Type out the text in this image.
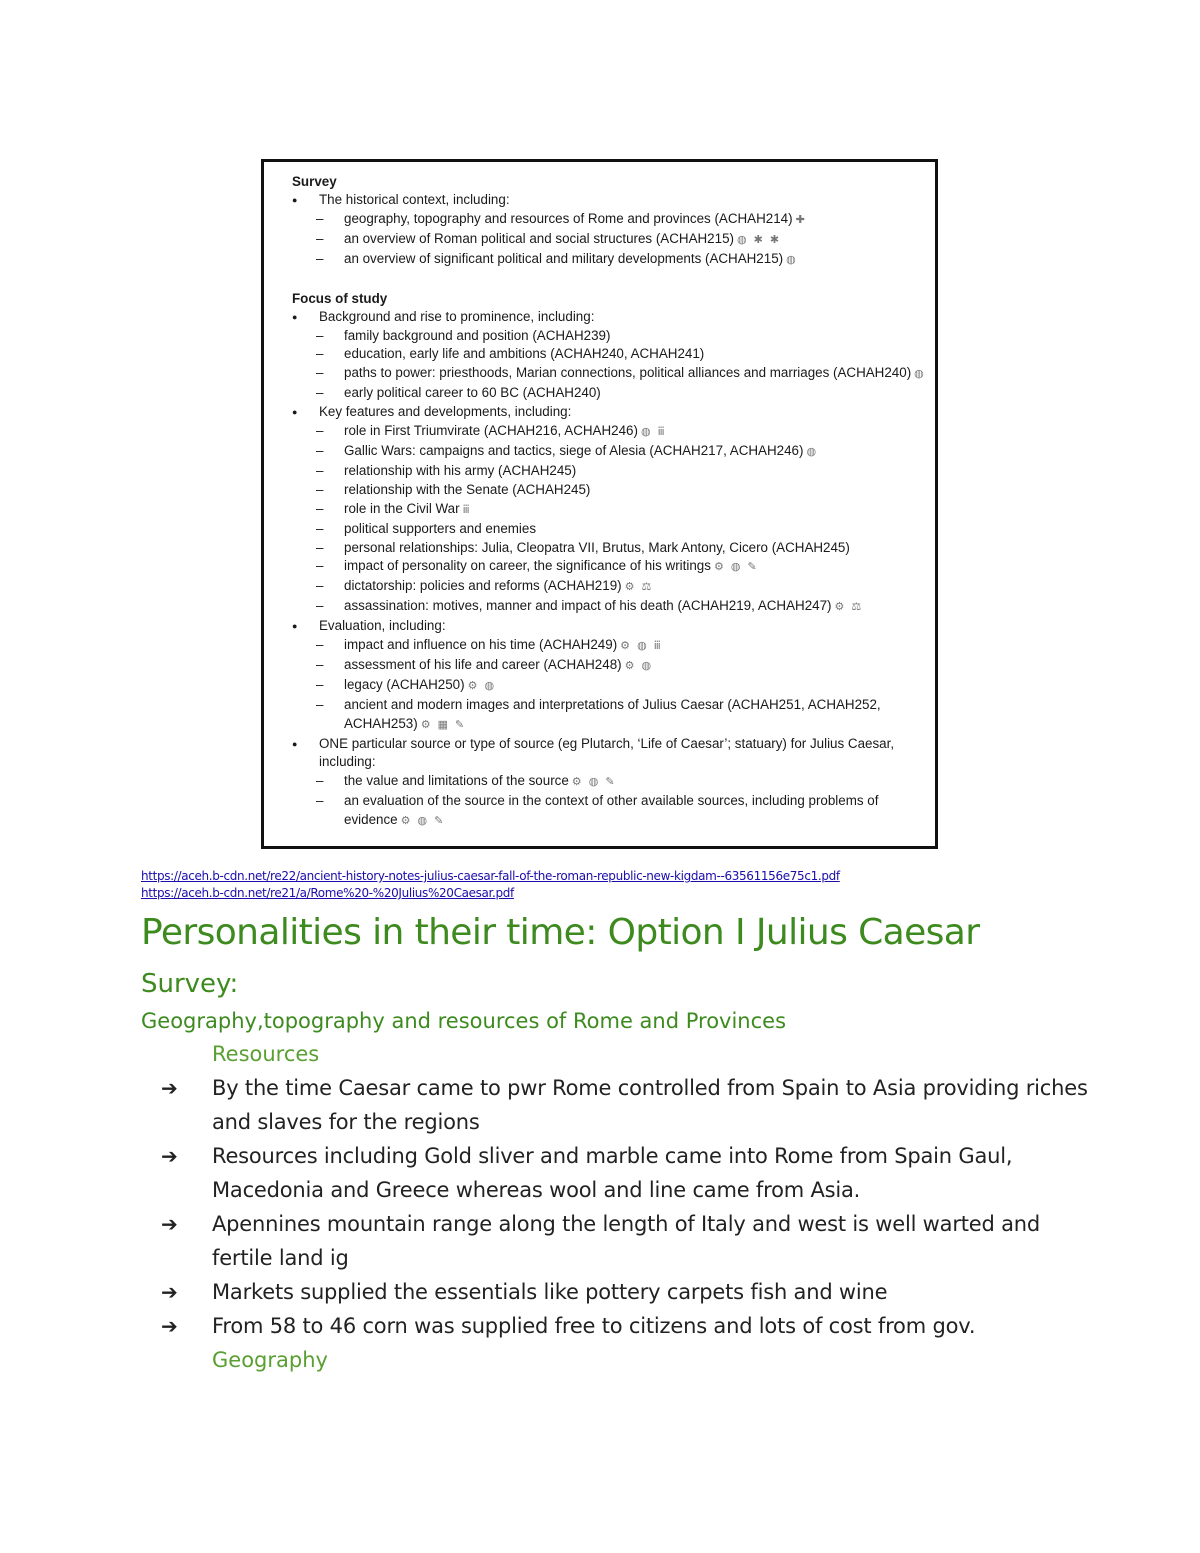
Survey
● The historical context, including:
– geography, topography and resources of Rome and provinces (ACHAH214) ✚
– an overview of Roman political and social structures (ACHAH215) ◍ ✱ ✱
– an overview of significant political and military developments (ACHAH215) ◍
Focus of study
● Background and rise to prominence, including:
– family background and position (ACHAH239)
– education, early life and ambitions (ACHAH240, ACHAH241)
– paths to power: priesthoods, Marian connections, political alliances and marriages (ACHAH240) ◍
– early political career to 60 BC (ACHAH240)
● Key features and developments, including:
– role in First Triumvirate (ACHAH216, ACHAH246) ◍ ⅲ
– Gallic Wars: campaigns and tactics, siege of Alesia (ACHAH217, ACHAH246) ◍
– relationship with his army (ACHAH245)
– relationship with the Senate (ACHAH245)
– role in the Civil War ⅲ
– political supporters and enemies
– personal relationships: Julia, Cleopatra VII, Brutus, Mark Antony, Cicero (ACHAH245)
– impact of personality on career, the significance of his writings ⚙ ◍ ✎
– dictatorship: policies and reforms (ACHAH219) ⚙ ⚖
– assassination: motives, manner and impact of his death (ACHAH219, ACHAH247) ⚙ ⚖
● Evaluation, including:
– impact and influence on his time (ACHAH249) ⚙ ◍ ⅲ
– assessment of his life and career (ACHAH248) ⚙ ◍
– legacy (ACHAH250) ⚙ ◍
– ancient and modern images and interpretations of Julius Caesar (ACHAH251, ACHAH252, ACHAH253) ⚙ ▦ ✎
● ONE particular source or type of source (eg Plutarch, ‘Life of Caesar’; statuary) for Julius Caesar, including:
– the value and limitations of the source ⚙ ◍ ✎
– an evaluation of the source in the context of other available sources, including problems of evidence ⚙ ◍ ✎
https://aceh.b-cdn.net/re22/ancient-history-notes-julius-caesar-fall-of-the-roman-republic-new-kigdam--63561156e75c1.pdf
https://aceh.b-cdn.net/re21/a/Rome%20-%20Julius%20Caesar.pdf
Personalities in their time: Option I Julius Caesar
Survey:
Geography,topography and resources of Rome and Provinces
Resources
➔ By the time Caesar came to pwr Rome controlled from Spain to Asia providing riches and slaves for the regions
➔ Resources including Gold sliver and marble came into Rome from Spain Gaul, Macedonia and Greece whereas wool and line came from Asia.
➔ Apennines mountain range along the length of Italy and west is well warted and fertile land ig
➔ Markets supplied the essentials like pottery carpets fish and wine
➔ From 58 to 46 corn was supplied free to citizens and lots of cost from gov.
Geography
